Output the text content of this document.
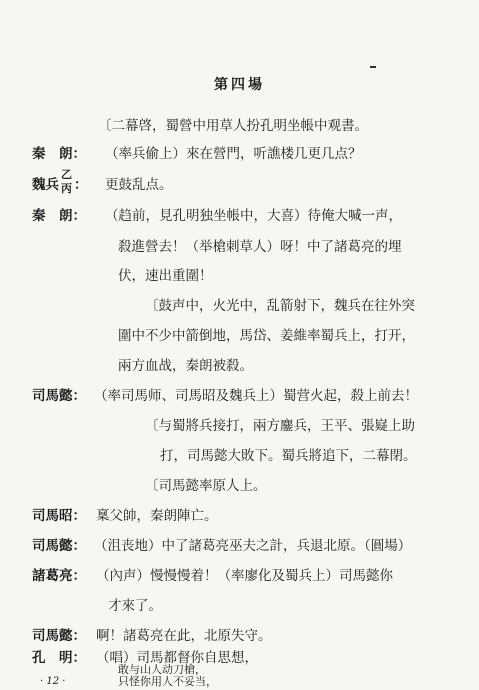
第四場
〔二幕啓，蜀營中用草人扮孔明坐帳中观書。
秦　朗： （率兵偷上）來在營門，听譙楼几更几点？
魏兵
乙
丙 ： 更鼓乱点。
秦　朗： （趋前，見孔明独坐帳中，大喜）待俺大喊一声，
殺進營去！（举槍刺草人）呀！中了諸葛亮的埋
伏，速出重圍！
〔鼓声中，火光中，乱箭射下，魏兵在往外突
圍中不少中箭倒地，馬岱、姜維率蜀兵上，打开，
兩方血战，秦朗被殺。
司馬懿： （率司馬师、司馬昭及魏兵上）蜀营火起，殺上前去！
〔与蜀將兵接打，兩方鏖兵，王平、張嶷上助
打，司馬懿大敗下。蜀兵將追下，二幕閉。
〔司馬懿率原人上。
司馬昭： 稟父帥，秦朗陣亡。
司馬懿： （沮丧地）中了諸葛亮巫夫之計，兵退北原。（圓場）
諸葛亮： （內声）慢慢慢着！（率廖化及蜀兵上）司馬懿你
才來了。
司馬懿： 啊！諸葛亮在此，北原失守。
孔　明： （唱）司馬都督你自思想，
· 12 ·
敢与山人动刀槍，
只怪你用人不妥当，
